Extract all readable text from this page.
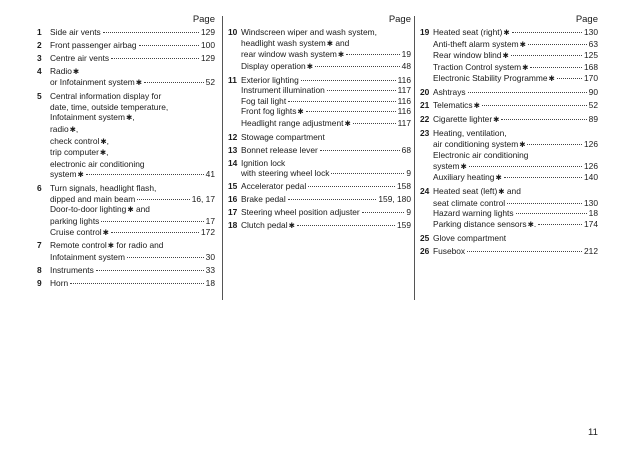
Page
1 Side air vents	129
2 Front passenger airbag	100
3 Centre air vents	129
4 Radio✱
or Infotainment system✱	52
5 Central information display for
date, time, outside temperature,
Infotainment system✱,
radio✱,
check control✱,
trip computer✱,
electronic air conditioning
system✱	41
6 Turn signals, headlight flash,
dipped and main beam	16, 17
Door-to-door lighting✱ and
parking lights	17
Cruise control✱	172
7 Remote control✱ for radio and
Infotainment system	30
8 Instruments	33
9 Horn	18
Page
10 Windscreen wiper and wash system,
headlight wash system✱ and
rear window wash system✱	19
Display operation✱	48
11 Exterior lighting	116
Instrument illumination	117
Fog tail light	116
Front fog lights✱	116
Headlight range adjustment✱	117
12 Stowage compartment
13 Bonnet release lever	68
14 Ignition lock
with steering wheel lock	9
15 Accelerator pedal	158
16 Brake pedal	159, 180
17 Steering wheel position adjuster	9
18 Clutch pedal✱	159
Page
19 Heated seat (right)✱	130
Anti-theft alarm system✱	63
Rear window blind✱	125
Traction Control system✱	168
Electronic Stability Programme✱	170
20 Ashtrays	90
21 Telematics✱	52
22 Cigarette lighter✱	89
23 Heating, ventilation,
air conditioning system✱	126
Electronic air conditioning
system✱	126
Auxiliary heating✱	140
24 Heated seat (left)✱ and
seat climate control	130
Hazard warning lights	18
Parking distance sensors✱.	174
25 Glove compartment
26 Fusebox	212
11
